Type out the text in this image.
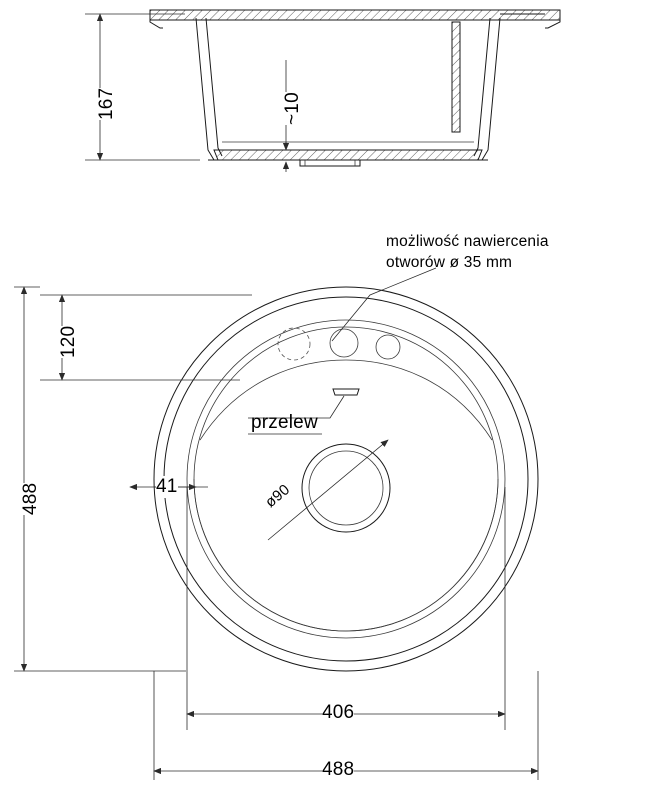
167	~10
możliwość nawiercenia
otworów ø 35 mm
przelew
120
488	41	ø90
406
488
